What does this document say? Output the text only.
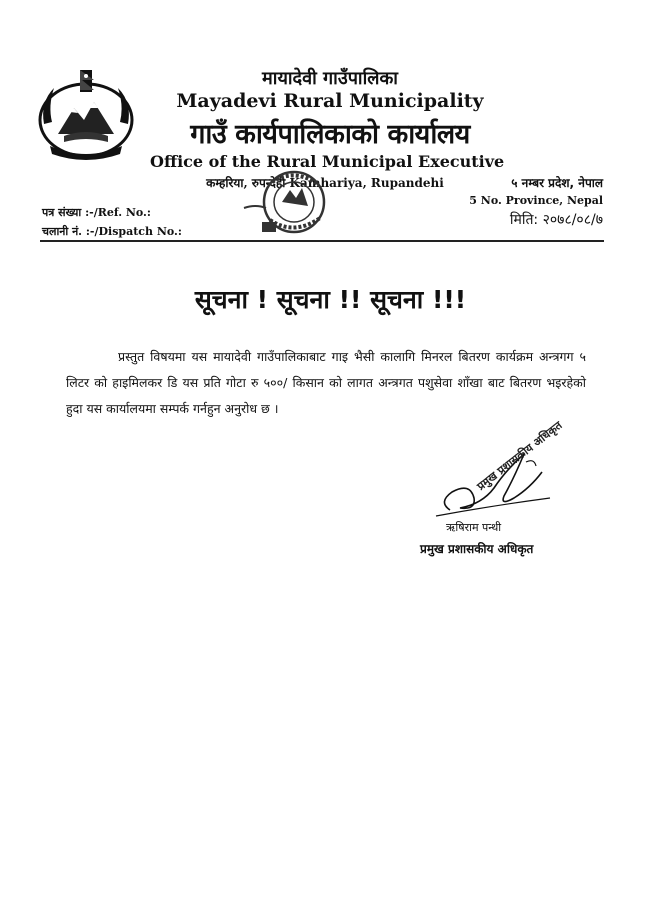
मायादेवी गाउँपालिका
Mayadevi Rural Municipality
गाउँ कार्यपालिकाको कार्यालय
Office of the Rural Municipal Executive
कम्हरिया, रुपन्देही Kamhariya, Rupandehi	५ नम्बर प्रदेश, नेपाल
5 No. Province, Nepal
मिति: २०७८/०८/७
पत्र संख्या :-/Ref. No.:
चलानी नं. :-/Dispatch No.:
सूचना ! सूचना !! सूचना !!!
प्रस्तुत विषयमा यस मायादेवी गाउँपालिकाबाट गाइ भैसी कालागि मिनरल बितरण कार्यक्रम अन्त्रगग ५ लिटर को हाइमिलकर डि यस प्रति गोटा रु ५००/ किसान को लागत अन्त्रगत पशुसेवा शाँखा बाट बितरण भइरहेको हुदा यस कार्यालयमा सम्पर्क गर्नहुन अनुरोध छ ।
प्रमुख प्रशासकीय अधिकृत
ऋषिराम पन्थी
प्रमुख प्रशासकीय अधिकृत
